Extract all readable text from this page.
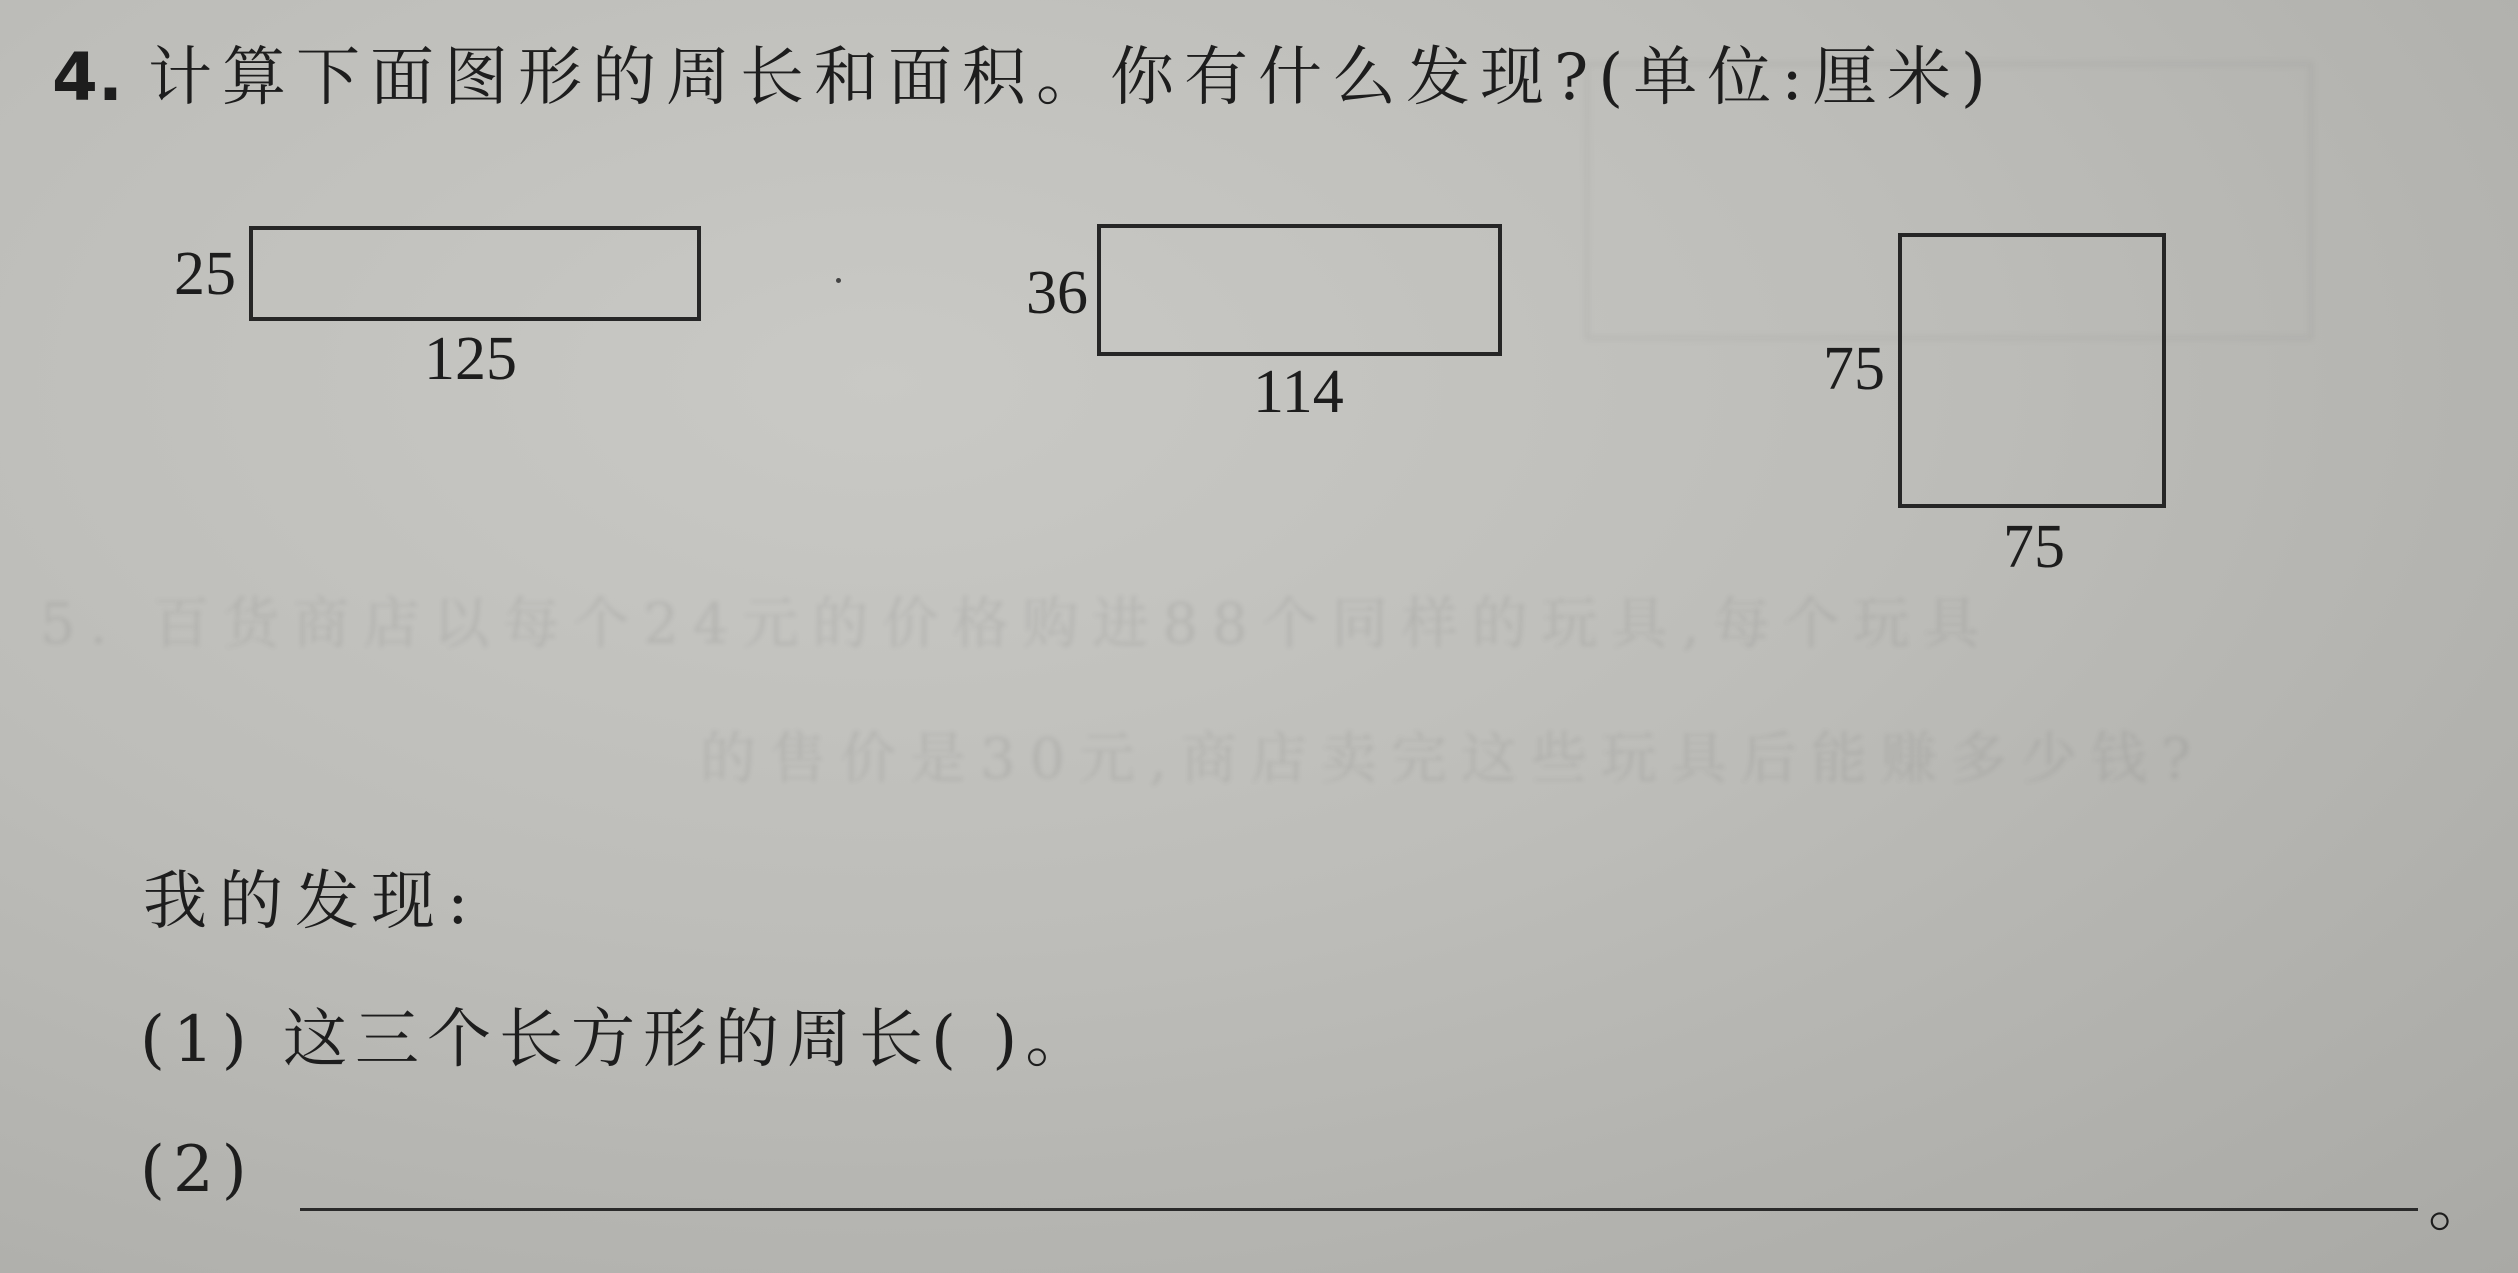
5. 百货商店以每个24元的价格购进88个同样的玩具,每个玩具
的售价是30元,商店卖完这些玩具后能赚多少钱?
4. 计算下面图形的周长和面积。你有什么发现?(单位:厘米)
25
125
36
114	75
75
我的发现:
(1) 这三个长方形的周长( )。
(2)	。
